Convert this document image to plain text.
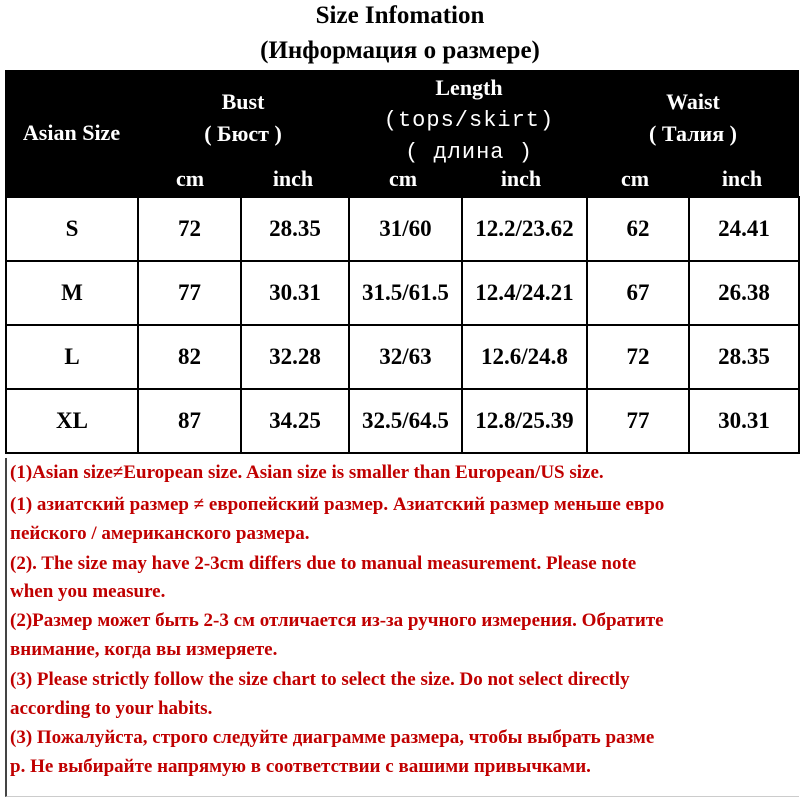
Size Infomation
(Информация о размере)
Asian Size
Bust
( Бюст )
Length
(tops/skirt)
( длина )
Waist
( Талия )
cm	inch	cm	inch	cm	inch
S	72	28.35	31/60	12.2/23.62	62	24.41
M	77	30.31	31.5/61.5	12.4/24.21	67	26.38
L	82	32.28	32/63	12.6/24.8	72	28.35
XL	87	34.25	32.5/64.5	12.8/25.39	77	30.31
(1)Asian size≠European size. Asian size is smaller than European/US size.
(1) азиатский размер ≠ европейский размер. Азиатский размер меньше евро
пейского / американского размера.
(2). The size may have 2-3cm differs due to manual measurement. Please note
when you measure.
(2)Размер может быть 2-3 см отличается из-за ручного измерения. Обратите
внимание, когда вы измеряете.
(3) Please strictly follow the size chart to select the size. Do not select directly
according to your habits.
(3) Пожалуйста, строго следуйте диаграмме размера, чтобы выбрать разме
р. Не выбирайте напрямую в соответствии с вашими привычками.
